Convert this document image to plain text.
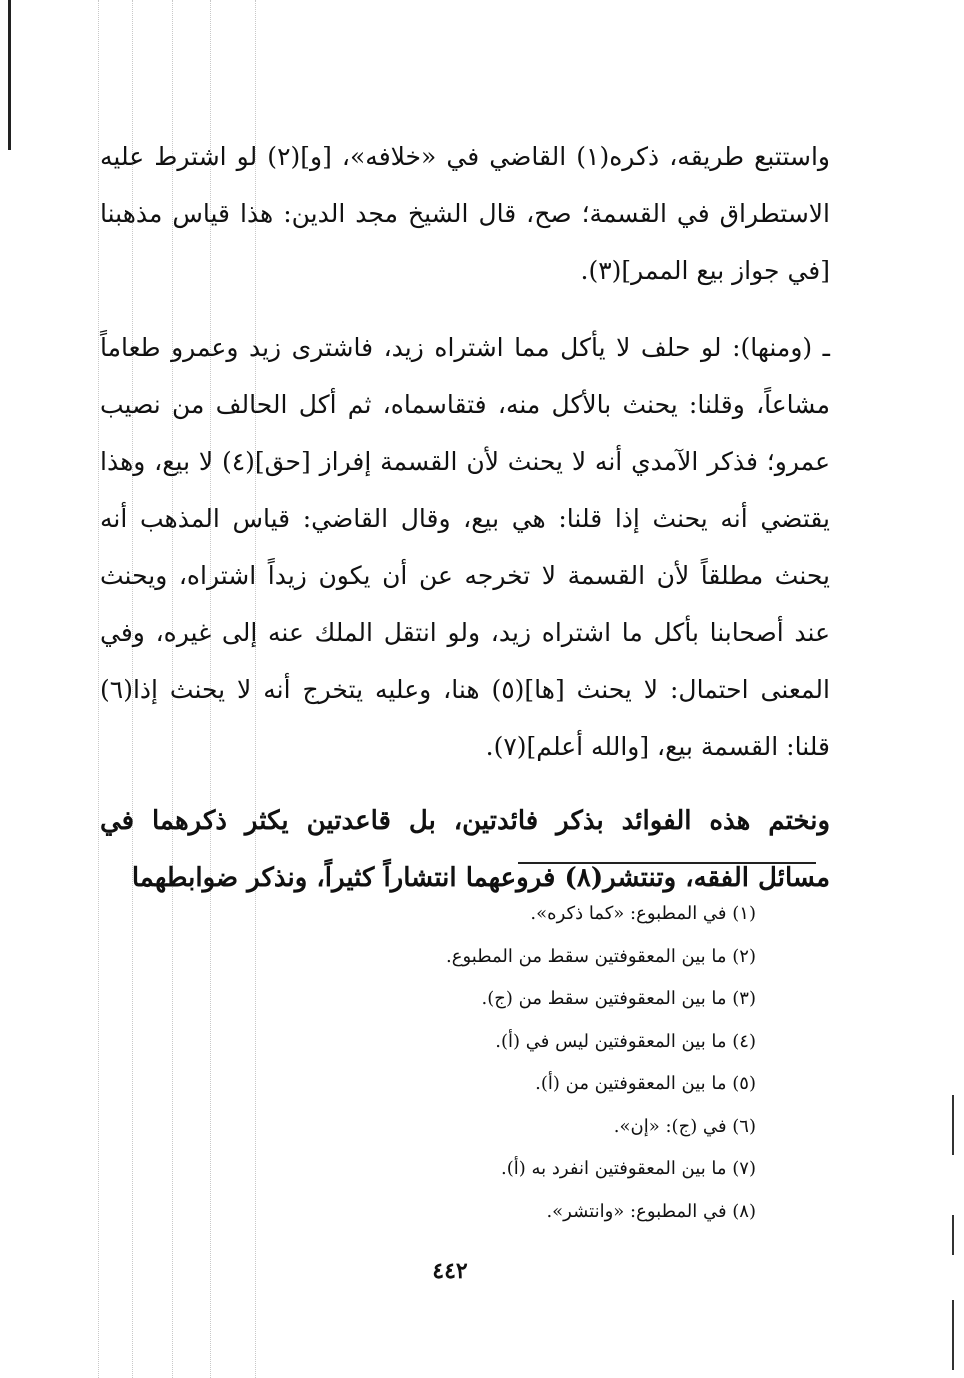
واستتبع طريقه، ذكره(١) القاضي في «خلافه»، [و](٢) لو اشترط عليه الاستطراق في القسمة؛ صح، قال الشيخ مجد الدين: هذا قياس مذهبنا [في جواز بيع الممر](٣).

ـ (ومنها): لو حلف لا يأكل مما اشتراه زيد، فاشترى زيد وعمرو طعاماً مشاعاً، وقلنا: يحنث بالأكل منه، فتقاسماه، ثم أكل الحالف من نصيب عمرو؛ فذكر الآمدي أنه لا يحنث لأن القسمة إفراز [حق](٤) لا بيع، وهذا يقتضي أنه يحنث إذا قلنا: هي بيع، وقال القاضي: قياس المذهب أنه يحنث مطلقاً لأن القسمة لا تخرجه عن أن يكون زيداً اشتراه، ويحنث عند أصحابنا بأكل ما اشتراه زيد، ولو انتقل الملك عنه إلى غيره، وفي المعنى احتمال: لا يحنث [ها](٥) هنا، وعليه يتخرج أنه لا يحنث إذا(٦) قلنا: القسمة بيع، [والله أعلم](٧).

ونختم هذه الفوائد بذكر فائدتين، بل قاعدتين يكثر ذكرهما في مسائل الفقه، وتنتشر(٨) فروعهما انتشاراً كثيراً، ونذكر ضوابطهما

(١) في المطبوع: «كما ذكره».
(٢) ما بين المعقوفتين سقط من المطبوع.
(٣) ما بين المعقوفتين سقط من (ج).
(٤) ما بين المعقوفتين ليس في (أ).
(٥) ما بين المعقوفتين من (أ).
(٦) في (ج): «إن».
(٧) ما بين المعقوفتين انفرد به (أ).
(٨) في المطبوع: «وانتشر».
٤٤٢
